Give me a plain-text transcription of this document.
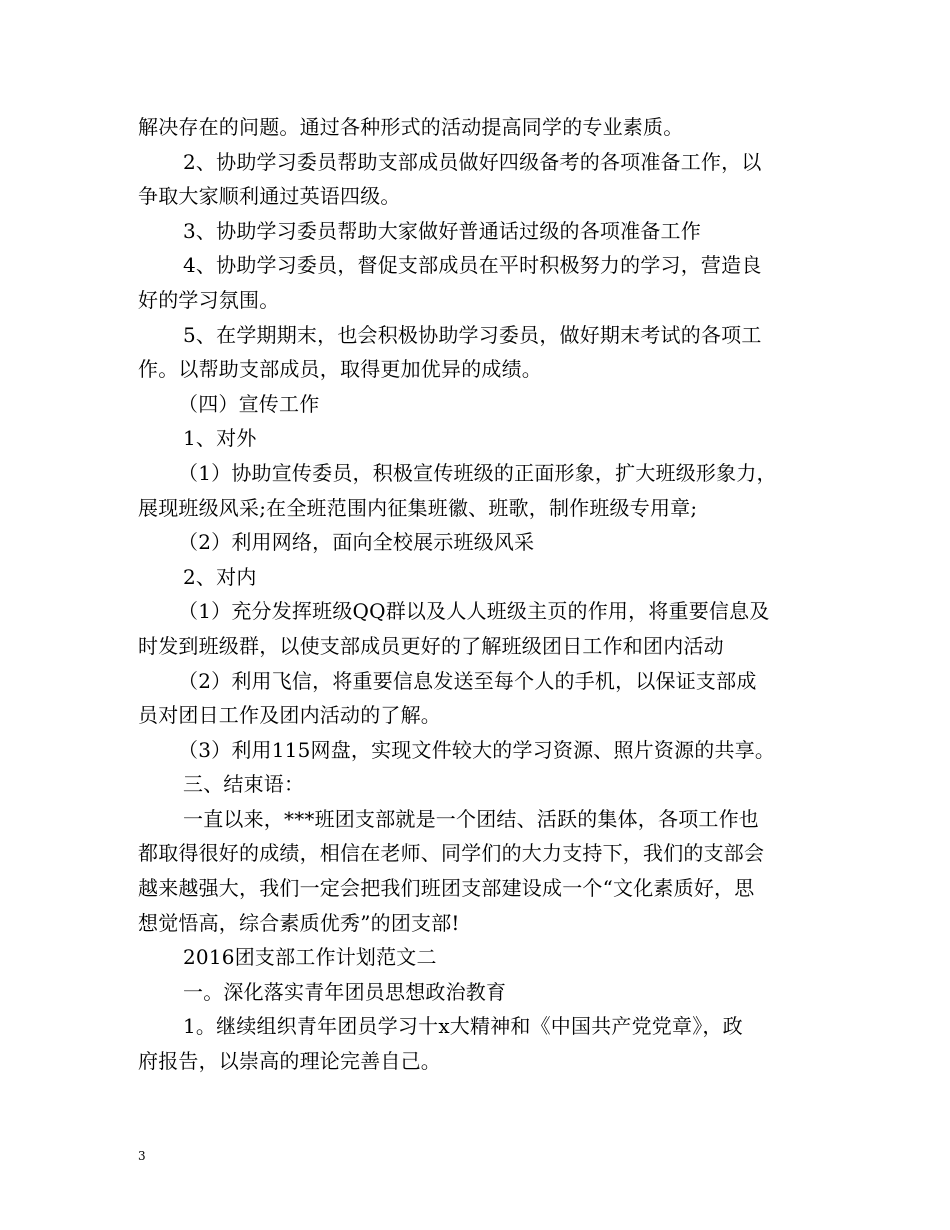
解决存在的问题。通过各种形式的活动提高同学的专业素质。
2、协助学习委员帮助支部成员做好四级备考的各项准备工作，以
争取大家顺利通过英语四级。
3、协助学习委员帮助大家做好普通话过级的各项准备工作
4、协助学习委员，督促支部成员在平时积极努力的学习，营造良
好的学习氛围。
5、在学期期末，也会积极协助学习委员，做好期末考试的各项工
作。以帮助支部成员，取得更加优异的成绩。
（四）宣传工作
1、对外
（1）协助宣传委员，积极宣传班级的正面形象，扩大班级形象力，
展现班级风采;在全班范围内征集班徽、班歌，制作班级专用章;
（2）利用网络，面向全校展示班级风采
2、对内
（1）充分发挥班级QQ群以及人人班级主页的作用，将重要信息及
时发到班级群，以使支部成员更好的了解班级团日工作和团内活动
（2）利用飞信，将重要信息发送至每个人的手机，以保证支部成
员对团日工作及团内活动的了解。
（3）利用115网盘，实现文件较大的学习资源、照片资源的共享。
三、结束语：
一直以来，***班团支部就是一个团结、活跃的集体，各项工作也
都取得很好的成绩，相信在老师、同学们的大力支持下，我们的支部会
越来越强大，我们一定会把我们班团支部建设成一个“文化素质好，思
想觉悟高，综合素质优秀”的团支部!
2016团支部工作计划范文二
一。深化落实青年团员思想政治教育
1。继续组织青年团员学习十x大精神和《中国共产党党章》，政
府报告，以崇高的理论完善自己。
3
